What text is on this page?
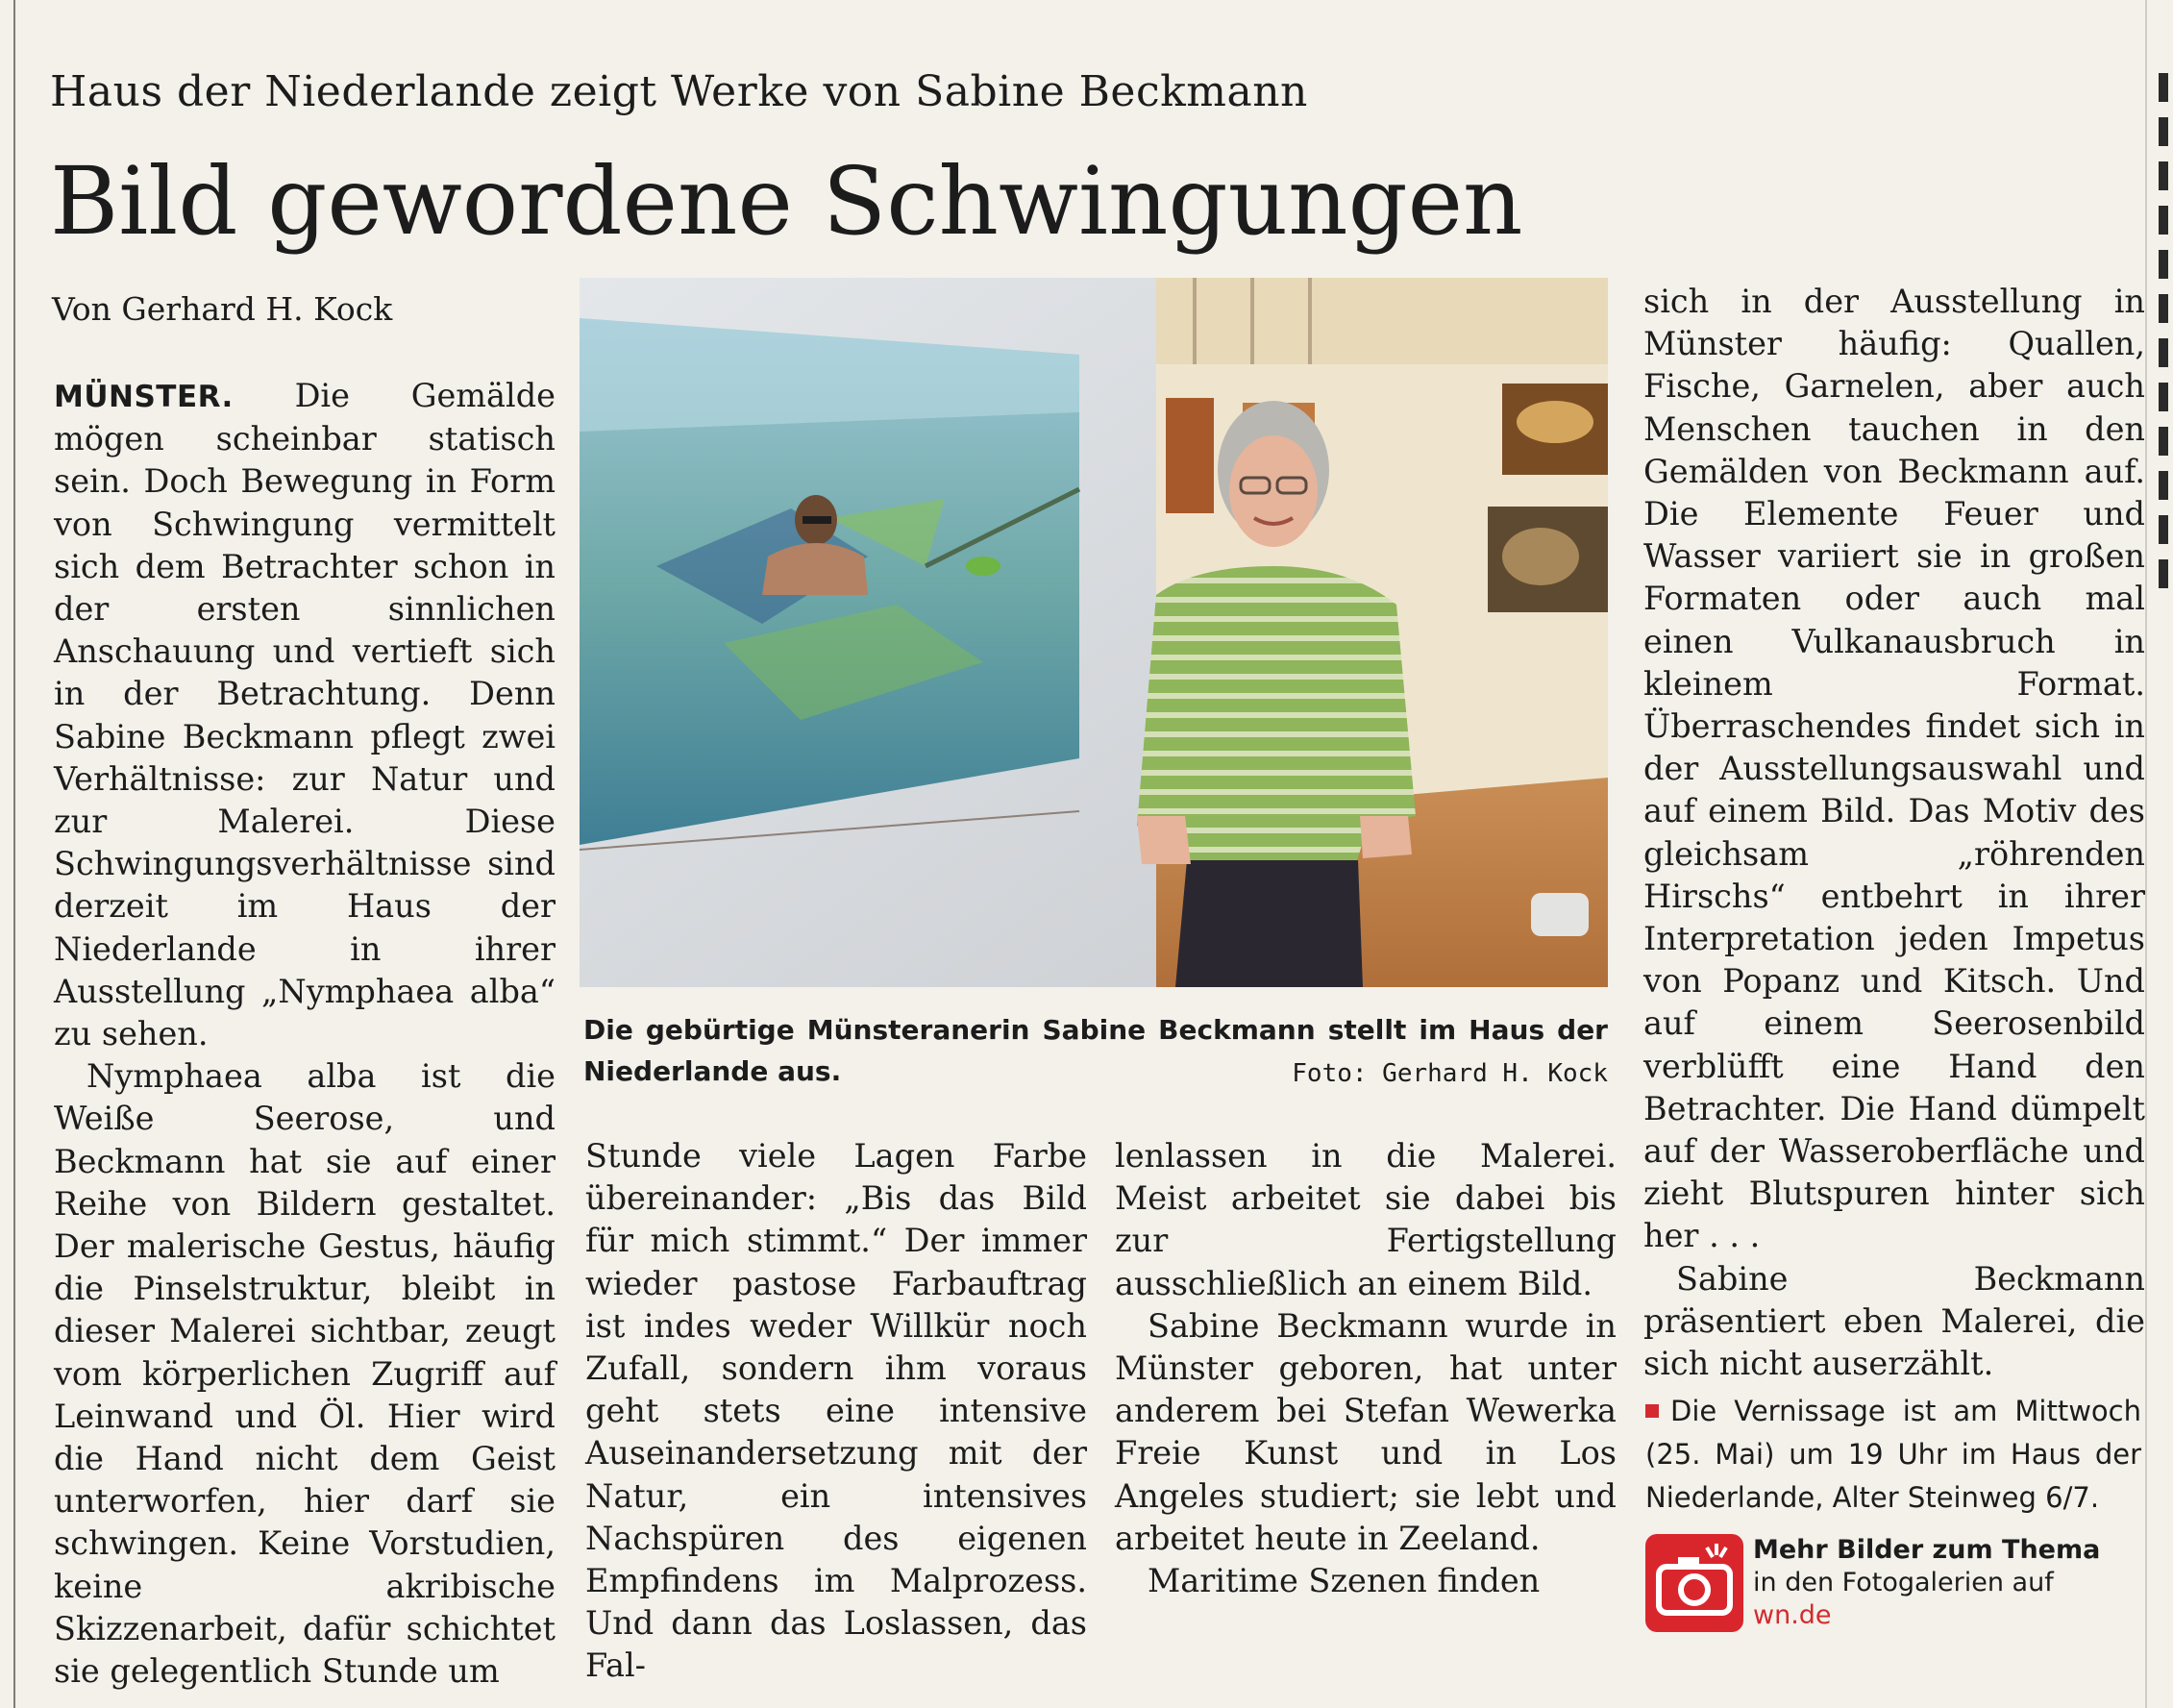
Haus der Niederlande zeigt Werke von Sabine Beckmann
Bild gewordene Schwingungen
Von Gerhard H. Kock

MÜNSTER. Die Gemälde mögen scheinbar statisch sein. Doch Bewegung in Form von Schwingung vermittelt sich dem Betrachter schon in der ersten sinnlichen Anschauung und vertieft sich in der Betrachtung. Denn Sabine Beckmann pflegt zwei Verhältnisse: zur Natur und zur Malerei. Diese Schwingungsverhältnisse sind derzeit im Haus der Niederlande in ihrer Ausstellung „Nymphaea alba“ zu sehen.

Nymphaea alba ist die Weiße Seerose, und Beckmann hat sie auf einer Reihe von Bildern gestaltet. Der malerische Gestus, häufig die Pinselstruktur, bleibt in dieser Malerei sichtbar, zeugt vom körperlichen Zugriff auf Leinwand und Öl. Hier wird die Hand nicht dem Geist unterworfen, hier darf sie schwingen. Keine Vorstudien, keine akribische Skizzenarbeit, dafür schichtet sie gelegentlich Stunde um

Die gebürtige Münsteranerin Sabine Beckmann stellt im Haus der Niederlande aus.	Foto: Gerhard H. Kock

Stunde viele Lagen Farbe übereinander: „Bis das Bild für mich stimmt.“ Der immer wieder pastose Farbauftrag ist indes weder Willkür noch Zufall, sondern ihm voraus geht stets eine intensive Auseinandersetzung mit der Natur, ein intensives Nachspüren des eigenen Empfindens im Malprozess. Und dann das Loslassen, das Fal-

lenlassen in die Malerei. Meist arbeitet sie dabei bis zur Fertigstellung ausschließlich an einem Bild.

Sabine Beckmann wurde in Münster geboren, hat unter anderem bei Stefan Wewerka Freie Kunst und in Los Angeles studiert; sie lebt und arbeitet heute in Zeeland.

Maritime Szenen finden

sich in der Ausstellung in Münster häufig: Quallen, Fische, Garnelen, aber auch Menschen tauchen in den Gemälden von Beckmann auf. Die Elemente Feuer und Wasser variiert sie in großen Formaten oder auch mal einen Vulkanausbruch in kleinem Format. Überraschendes findet sich in der Ausstellungsauswahl und auf einem Bild. Das Motiv des gleichsam „röhrenden Hirschs“ entbehrt in ihrer Interpretation jeden Impetus von Popanz und Kitsch. Und auf einem Seerosenbild verblüfft eine Hand den Betrachter. Die Hand dümpelt auf der Wasseroberfläche und zieht Blutspuren hinter sich her . . .

Sabine Beckmann präsentiert eben Malerei, die sich nicht auserzählt.

Die Vernissage ist am Mittwoch (25. Mai) um 19 Uhr im Haus der Niederlande, Alter Steinweg 6/7.
Mehr Bilder zum Thema
in den Fotogalerien auf
wn.de
